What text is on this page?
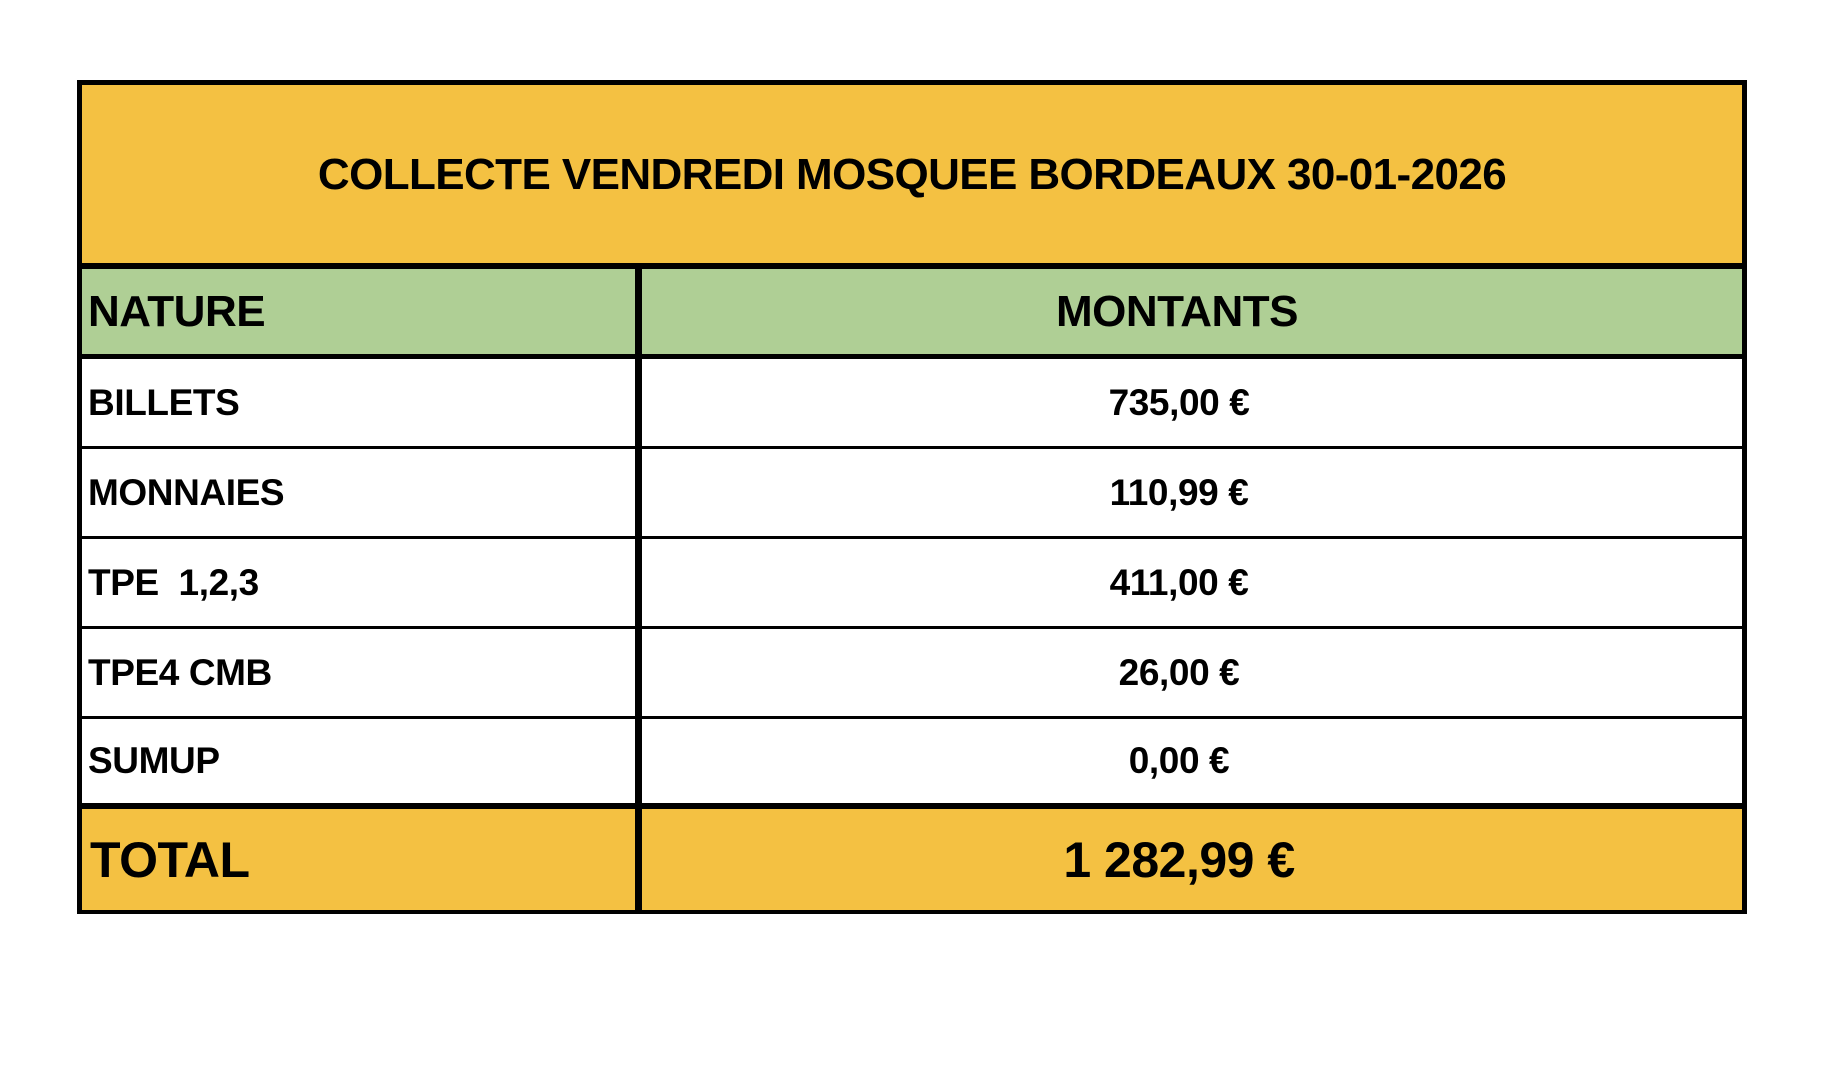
COLLECTE VENDREDI MOSQUEE BORDEAUX 30-01-2026
NATURE	MONTANTS
BILLETS	735,00 €
MONNAIES	110,99 €
TPE  1,2,3	411,00 €
TPE4 CMB	26,00 €
SUMUP	0,00 €
TOTAL	1 282,99 €
